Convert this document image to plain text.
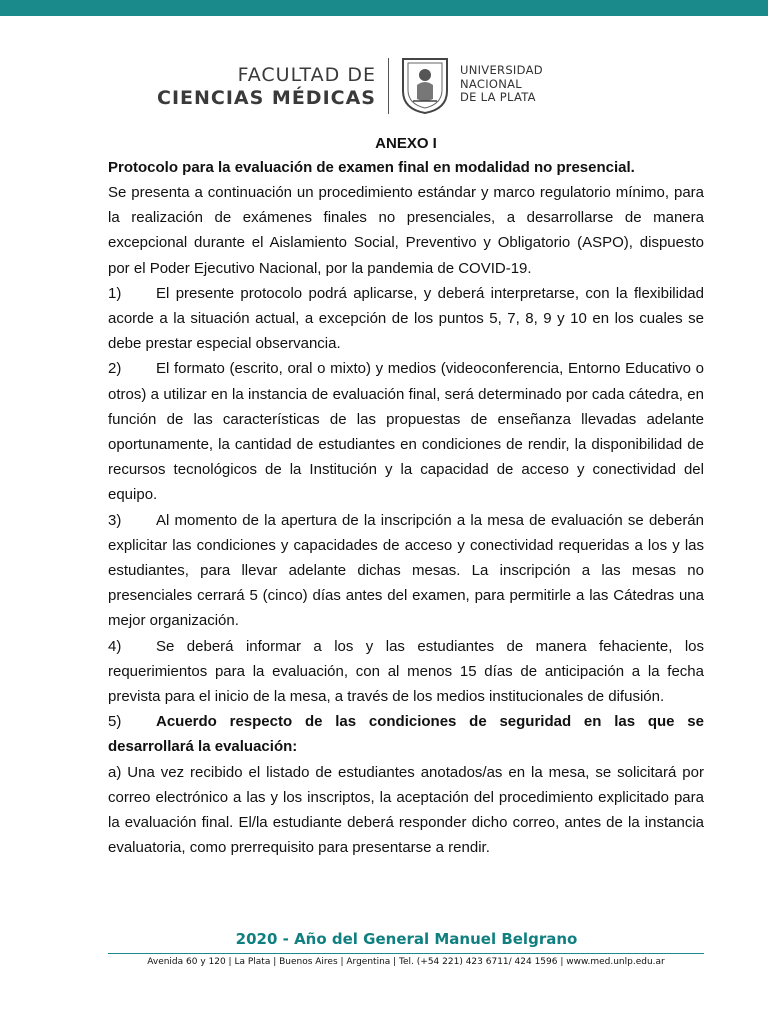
FACULTAD DE
CIENCIAS MÉDICAS
UNIVERSIDAD
NACIONAL
DE LA PLATA

ANEXO I

Protocolo para la evaluación de examen final en modalidad no presencial.

Se presenta a continuación un procedimiento estándar y marco regulatorio mínimo, para la realización de exámenes finales no presenciales, a desarrollarse de manera excepcional durante el Aislamiento Social, Preventivo y Obligatorio (ASPO), dispuesto por el Poder Ejecutivo Nacional, por la pandemia de COVID-19.

1) El presente protocolo podrá aplicarse, y deberá interpretarse, con la flexibilidad acorde a la situación actual, a excepción de los puntos 5, 7, 8, 9 y 10 en los cuales se debe prestar especial observancia.

2) El formato (escrito, oral o mixto) y medios (videoconferencia, Entorno Educativo o otros) a utilizar en la instancia de evaluación final, será determinado por cada cátedra, en función de las características de las propuestas de enseñanza llevadas adelante oportunamente, la cantidad de estudiantes en condiciones de rendir, la disponibilidad de recursos tecnológicos de la Institución y la capacidad de acceso y conectividad del equipo.

3) Al momento de la apertura de la inscripción a la mesa de evaluación se deberán explicitar las condiciones y capacidades de acceso y conectividad requeridas a los y las estudiantes, para llevar adelante dichas mesas. La inscripción a las mesas no presenciales cerrará 5 (cinco) días antes del examen, para permitirle a las Cátedras una mejor organización.

4) Se deberá informar a los y las estudiantes de manera fehaciente, los requerimientos para la evaluación, con al menos 15 días de anticipación a la fecha prevista para el inicio de la mesa, a través de los medios institucionales de difusión.

5) Acuerdo respecto de las condiciones de seguridad en las que se desarrollará la evaluación:

a) Una vez recibido el listado de estudiantes anotados/as en la mesa, se solicitará por correo electrónico a las y los inscriptos, la aceptación del procedimiento explicitado para la evaluación final. El/la estudiante deberá responder dicho correo, antes de la instancia evaluatoria, como prerrequisito para presentarse a rendir.

2020 - Año del General Manuel Belgrano
Avenida 60 y 120 | La Plata | Buenos Aires | Argentina | Tel. (+54 221) 423 6711/ 424 1596 | www.med.unlp.edu.ar
